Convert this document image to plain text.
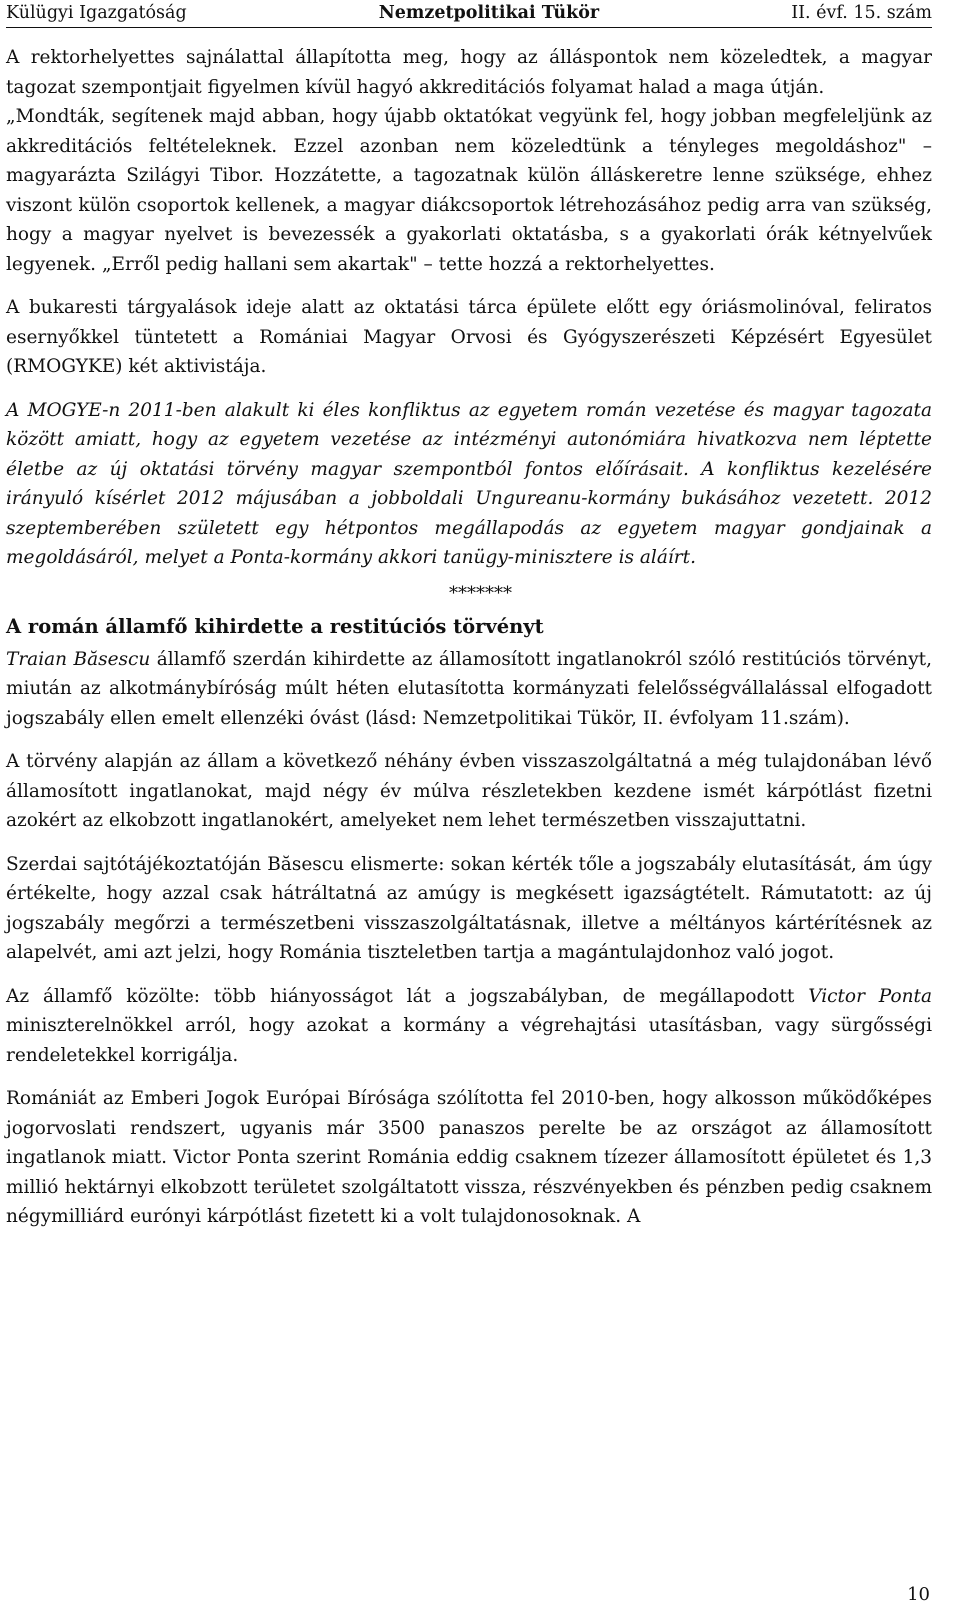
Külügyi Igazgatóság	Nemzetpolitikai Tükör	II. évf. 15. szám

A rektorhelyettes sajnálattal állapította meg, hogy az álláspontok nem közeledtek, a magyar tagozat szempontjait figyelmen kívül hagyó akkreditációs folyamat halad a maga útján.

„Mondták, segítenek majd abban, hogy újabb oktatókat vegyünk fel, hogy jobban megfeleljünk az akkreditációs feltételeknek. Ezzel azonban nem közeledtünk a tényleges megoldáshoz" – magyarázta Szilágyi Tibor. Hozzátette, a tagozatnak külön álláskeretre lenne szüksége, ehhez viszont külön csoportok kellenek, a magyar diákcsoportok létrehozásához pedig arra van szükség, hogy a magyar nyelvet is bevezessék a gyakorlati oktatásba, s a gyakorlati órák kétnyelvűek legyenek. „Erről pedig hallani sem akartak" – tette hozzá a rektorhelyettes.

A bukaresti tárgyalások ideje alatt az oktatási tárca épülete előtt egy óriásmolinóval, feliratos esernyőkkel tüntetett a Romániai Magyar Orvosi és Gyógyszerészeti Képzésért Egyesület (RMOGYKE) két aktivistája.

A MOGYE-n 2011-ben alakult ki éles konfliktus az egyetem román vezetése és magyar tagozata között amiatt, hogy az egyetem vezetése az intézményi autonómiára hivatkozva nem léptette életbe az új oktatási törvény magyar szempontból fontos előírásait. A konfliktus kezelésére irányuló kísérlet 2012 májusában a jobboldali Ungureanu-kormány bukásához vezetett. 2012 szeptemberében született egy hétpontos megállapodás az egyetem magyar gondjainak a megoldásáról, melyet a Ponta-kormány akkori tanügy-minisztere is aláírt.

*******
A román államfő kihirdette a restitúciós törvényt

Traian Băsescu államfő szerdán kihirdette az államosított ingatlanokról szóló restitúciós törvényt, miután az alkotmánybíróság múlt héten elutasította kormányzati felelősségvállalással elfogadott jogszabály ellen emelt ellenzéki óvást (lásd: Nemzetpolitikai Tükör, II. évfolyam 11.szám).

A törvény alapján az állam a következő néhány évben visszaszolgáltatná a még tulajdonában lévő államosított ingatlanokat, majd négy év múlva részletekben kezdene ismét kárpótlást fizetni azokért az elkobzott ingatlanokért, amelyeket nem lehet természetben visszajuttatni.

Szerdai sajtótájékoztatóján Băsescu elismerte: sokan kérték tőle a jogszabály elutasítását, ám úgy értékelte, hogy azzal csak hátráltatná az amúgy is megkésett igazságtételt. Rámutatott: az új jogszabály megőrzi a természetbeni visszaszolgáltatásnak, illetve a méltányos kártérítésnek az alapelvét, ami azt jelzi, hogy Románia tiszteletben tartja a magántulajdonhoz való jogot.

Az államfő közölte: több hiányosságot lát a jogszabályban, de megállapodott Victor Ponta miniszterelnökkel arról, hogy azokat a kormány a végrehajtási utasításban, vagy sürgősségi rendeletekkel korrigálja.

Romániát az Emberi Jogok Európai Bírósága szólította fel 2010-ben, hogy alkosson működőképes jogorvoslati rendszert, ugyanis már 3500 panaszos perelte be az országot az államosított ingatlanok miatt. Victor Ponta szerint Románia eddig csaknem tízezer államosított épületet és 1,3 millió hektárnyi elkobzott területet szolgáltatott vissza, részvényekben és pénzben pedig csaknem négymilliárd eurónyi kárpótlást fizetett ki a volt tulajdonosoknak. A

10
